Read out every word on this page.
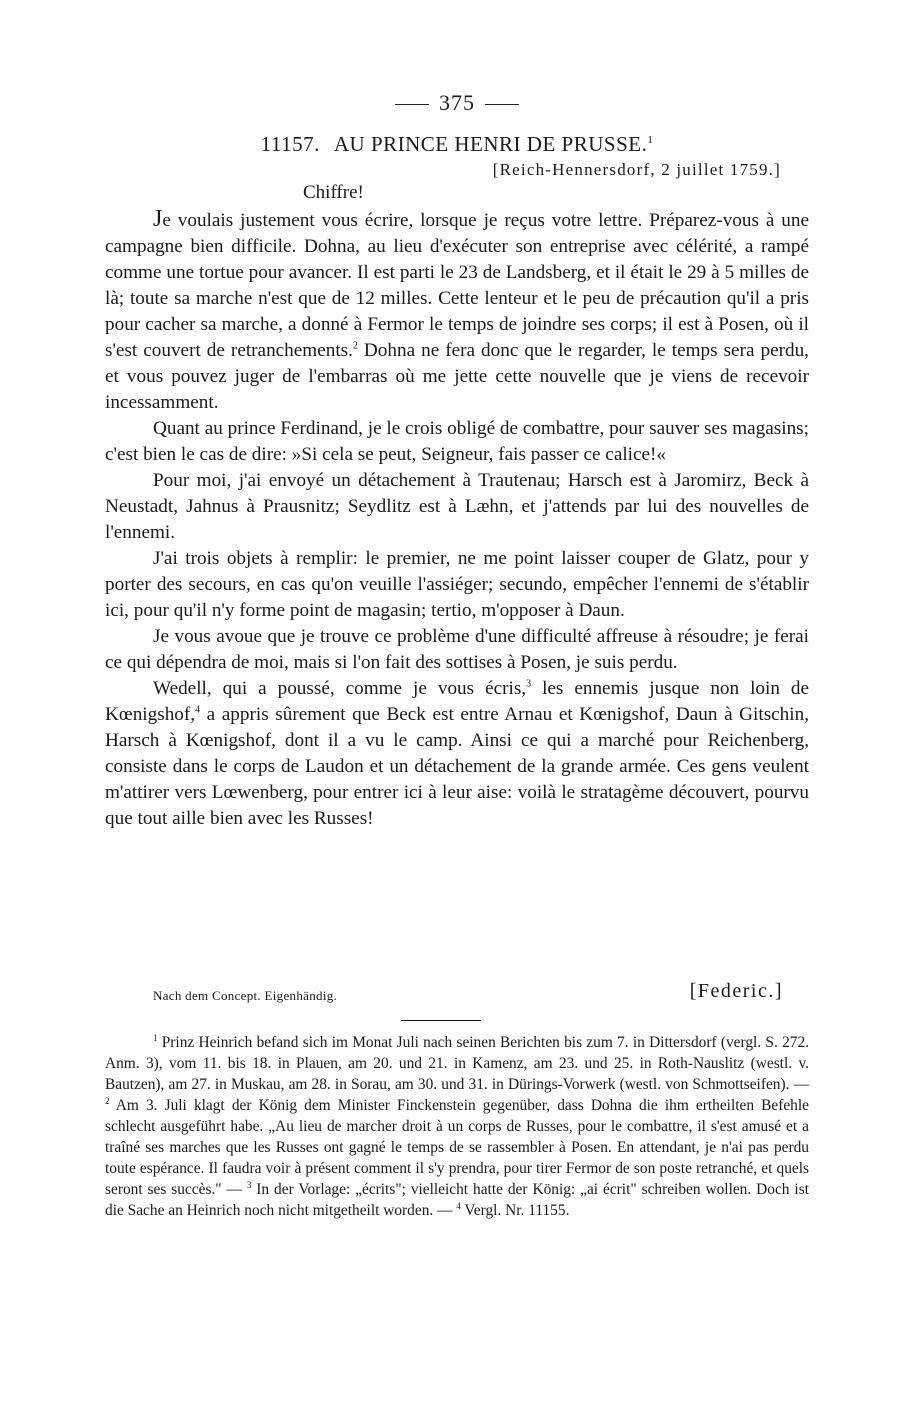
375
11157. AU PRINCE HENRI DE PRUSSE.$^1$
[Reich-Hennersdorf, 2 juillet 1759.]
Chiffre!

Je voulais justement vous écrire, lorsque je reçus votre lettre. Préparez-vous à une campagne bien difficile. Dohna, au lieu d'exécuter son entreprise avec célérité, a rampé comme une tortue pour avancer. Il est parti le 23 de Landsberg, et il était le 29 à 5 milles de là; toute sa marche n'est que de 12 milles. Cette lenteur et le peu de précaution qu'il a pris pour cacher sa marche, a donné à Fermor le temps de joindre ses corps; il est à Posen, où il s'est couvert de retranchements.$^2$ Dohna ne fera donc que le regarder, le temps sera perdu, et vous pouvez juger de l'embarras où me jette cette nouvelle que je viens de recevoir incessamment.

Quant au prince Ferdinand, je le crois obligé de combattre, pour sauver ses magasins; c'est bien le cas de dire: »Si cela se peut, Seigneur, fais passer ce calice!«

Pour moi, j'ai envoyé un détachement à Trautenau; Harsch est à Jaromirz, Beck à Neustadt, Jahnus à Prausnitz; Seydlitz est à Læhn, et j'attends par lui des nouvelles de l'ennemi.

J'ai trois objets à remplir: le premier, ne me point laisser couper de Glatz, pour y porter des secours, en cas qu'on veuille l'assiéger; secundo, empêcher l'ennemi de s'établir ici, pour qu'il n'y forme point de magasin; tertio, m'opposer à Daun.

Je vous avoue que je trouve ce problème d'une difficulté affreuse à résoudre; je ferai ce qui dépendra de moi, mais si l'on fait des sottises à Posen, je suis perdu.

Wedell, qui a poussé, comme je vous écris,$^3$ les ennemis jusque non loin de Kœnigshof,$^4$ a appris sûrement que Beck est entre Arnau et Kœnigshof, Daun à Gitschin, Harsch à Kœnigshof, dont il a vu le camp. Ainsi ce qui a marché pour Reichenberg, consiste dans le corps de Laudon et un détachement de la grande armée. Ces gens veulent m'attirer vers Lœwenberg, pour entrer ici à leur aise: voilà le stratagème découvert, pourvu que tout aille bien avec les Russes!

Nach dem Concept. Eigenhändig.	[Federic.]

$^1$ Prinz Heinrich befand sich im Monat Juli nach seinen Berichten bis zum 7. in Dittersdorf (vergl. S. 272. Anm. 3), vom 11. bis 18. in Plauen, am 20. und 21. in Kamenz, am 23. und 25. in Roth-Nauslitz (westl. v. Bautzen), am 27. in Muskau, am 28. in Sorau, am 30. und 31. in Dürings-Vorwerk (westl. von Schmottseifen). — $^2$ Am 3. Juli klagt der König dem Minister Finckenstein gegenüber, dass Dohna die ihm ertheilten Befehle schlecht ausgeführt habe. „Au lieu de marcher droit à un corps de Russes, pour le combattre, il s'est amusé et a traîné ses marches que les Russes ont gagné le temps de se rassembler à Posen. En attendant, je n'ai pas perdu toute espérance. Il faudra voir à présent comment il s'y prendra, pour tirer Fermor de son poste retranché, et quels seront ses succès." — $^3$ In der Vorlage: „écrits"; vielleicht hatte der König: „ai écrit" schreiben wollen. Doch ist die Sache an Heinrich noch nicht mitgetheilt worden. — $^4$ Vergl. Nr. 11155.
